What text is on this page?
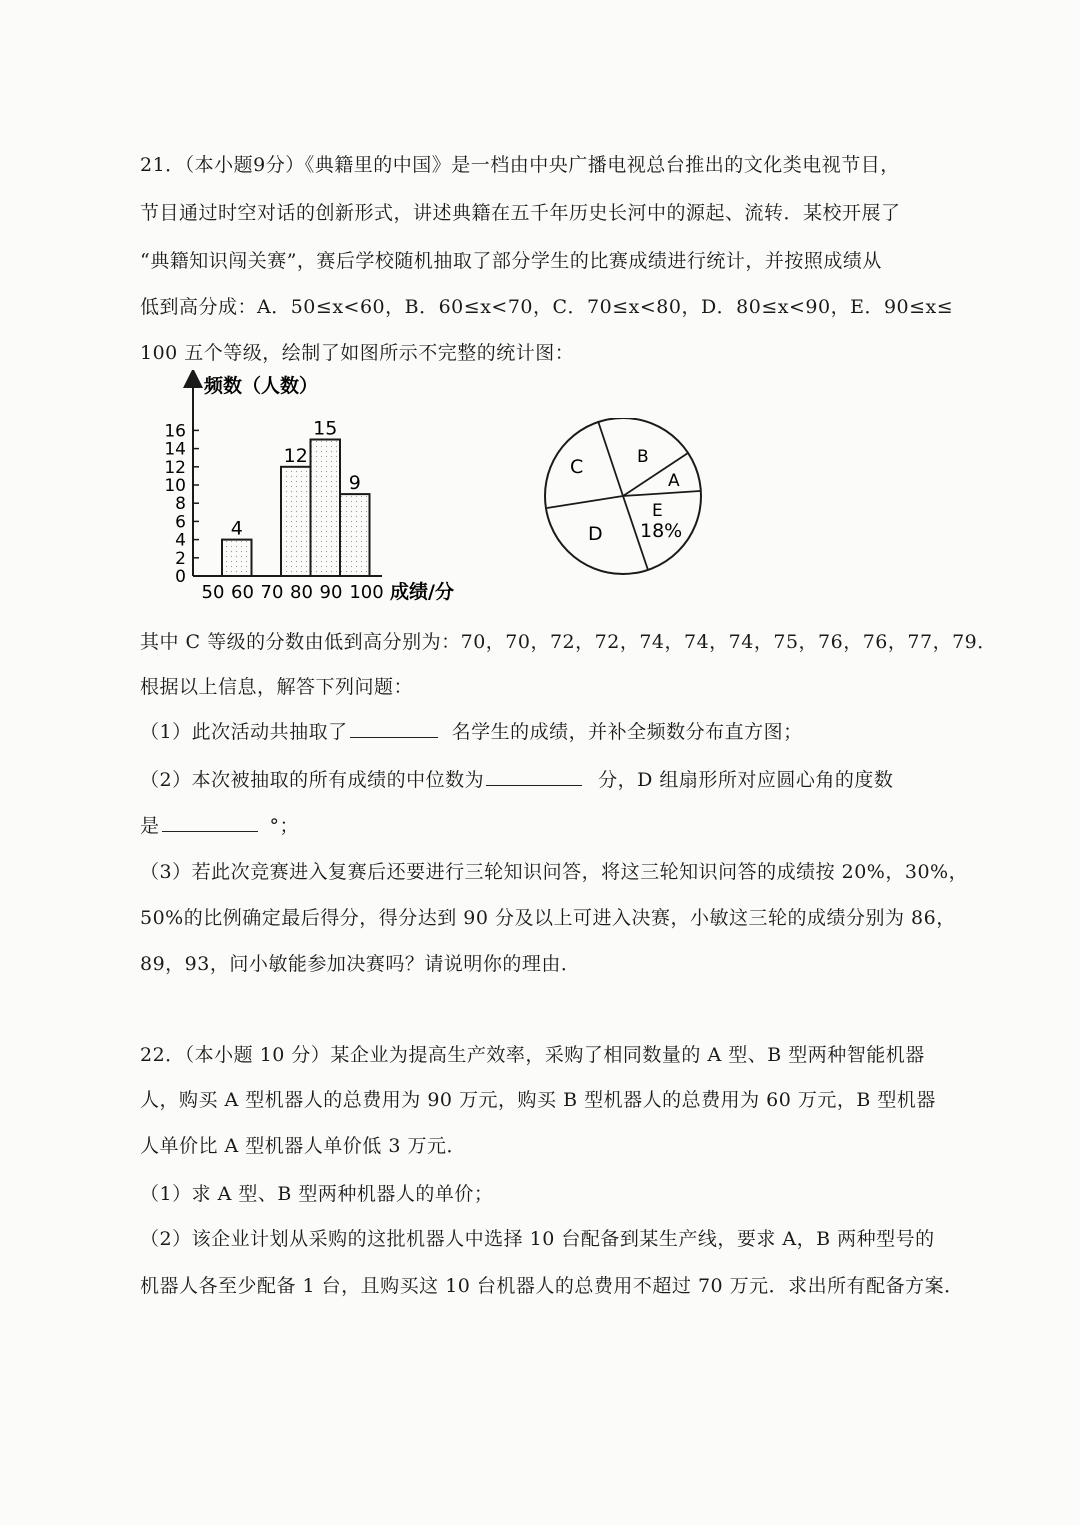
21．（本小题9分）《典籍里的中国》是一档由中央广播电视总台推出的文化类电视节目，
节目通过时空对话的创新形式，讲述典籍在五千年历史长河中的源起、流转．某校开展了
“典籍知识闯关赛”，赛后学校随机抽取了部分学生的比赛成绩进行统计，并按照成绩从
低到高分成：A．50≤x<60，B．60≤x<70，C．70≤x<80，D．80≤x<90，E．90≤x≤
100 五个等级，绘制了如图所示不完整的统计图：
频数（人数）
成绩/分
0
2
4
6
8
10
12
14
16
50 60 70 80 90 100
4
12
15
9
C	B
A
E
18%
D
其中 C 等级的分数由低到高分别为：70，70，72，72，74，74，74，75，76，76，77，79．
根据以上信息，解答下列问题：
（1）此次活动共抽取了	名学生的成绩，并补全频数分布直方图；
（2）本次被抽取的所有成绩的中位数为	分，D 组扇形所对应圆心角的度数
是	°；
（3）若此次竞赛进入复赛后还要进行三轮知识问答，将这三轮知识问答的成绩按 20%，30%，
50%的比例确定最后得分，得分达到 90 分及以上可进入决赛，小敏这三轮的成绩分别为 86，
89，93，问小敏能参加决赛吗？请说明你的理由．
22．（本小题 10 分）某企业为提高生产效率，采购了相同数量的 A 型、B 型两种智能机器
人，购买 A 型机器人的总费用为 90 万元，购买 B 型机器人的总费用为 60 万元，B 型机器
人单价比 A 型机器人单价低 3 万元．
（1）求 A 型、B 型两种机器人的单价；
（2）该企业计划从采购的这批机器人中选择 10 台配备到某生产线，要求 A，B 两种型号的
机器人各至少配备 1 台，且购买这 10 台机器人的总费用不超过 70 万元．求出所有配备方案．
